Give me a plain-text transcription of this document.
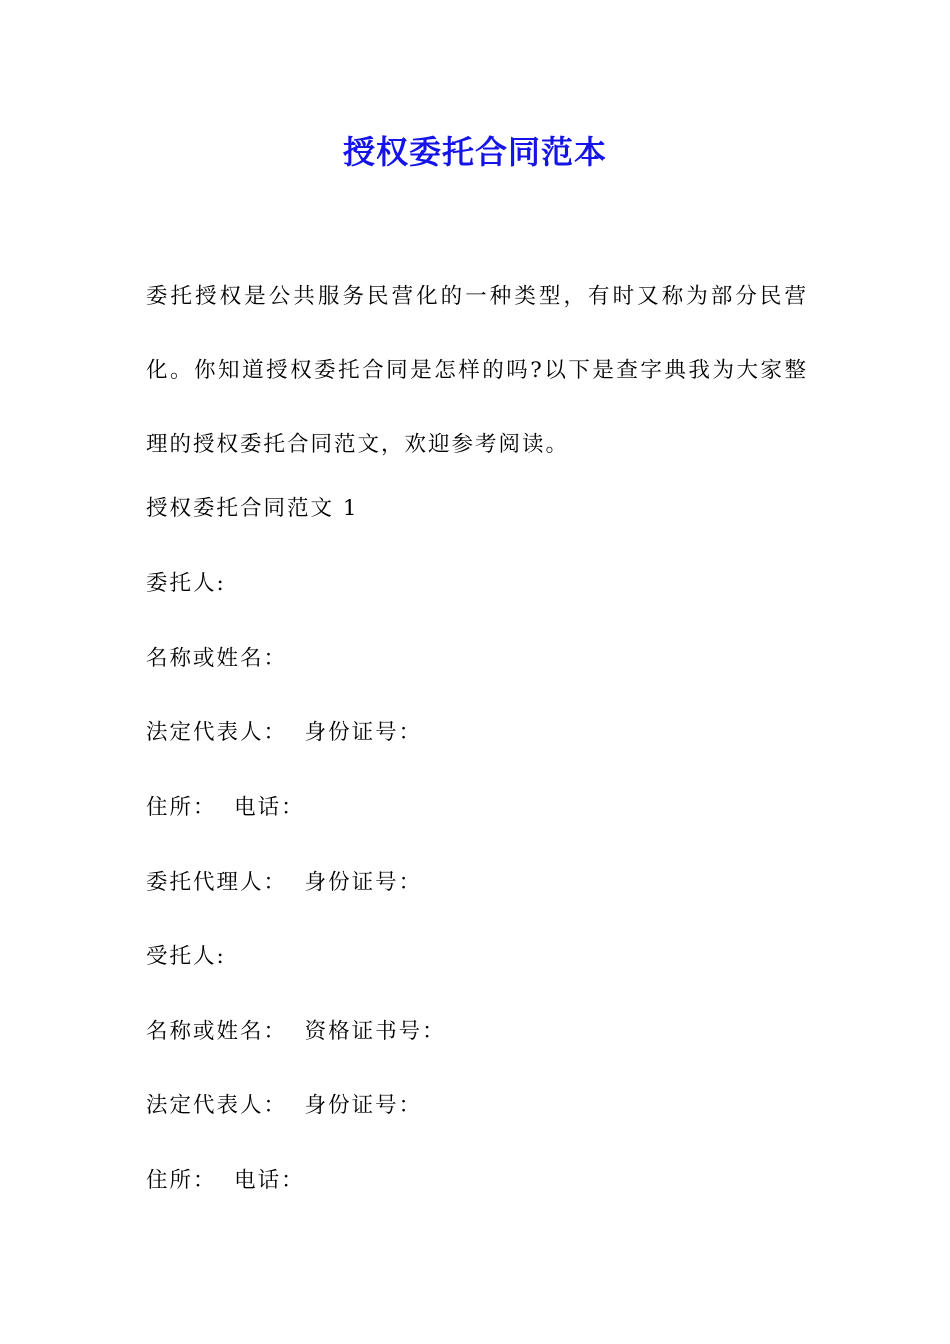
授权委托合同范本

委托授权是公共服务民营化的一种类型，有时又称为部分民营化。你知道授权委托合同是怎样的吗?以下是查字典我为大家整理的授权委托合同范文，欢迎参考阅读。

授权委托合同范文 1

委托人:

名称或姓名：

法定代表人：  身份证号：

住所：  电话：

委托代理人：  身份证号：

受托人:

名称或姓名：  资格证书号：

法定代表人：  身份证号：

住所：  电话：
